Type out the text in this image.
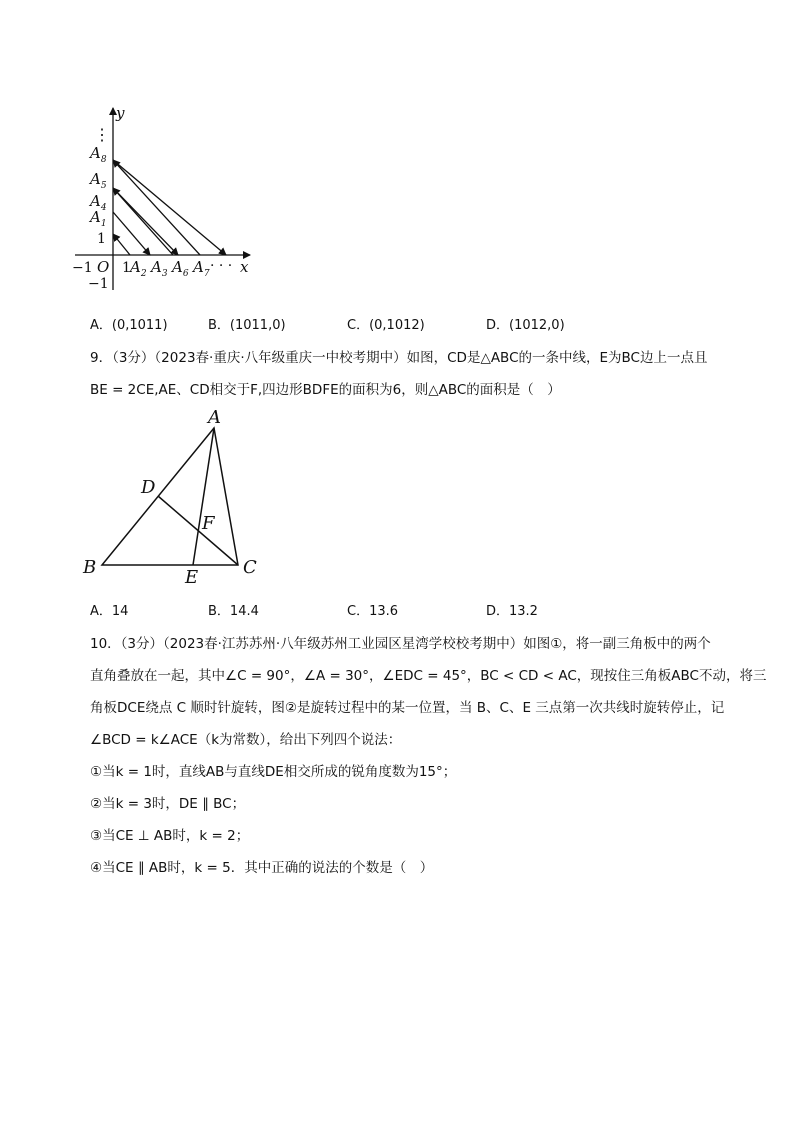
y
x
⋮
O
−1
−1
1
1
· · ·
$A_8$
$A_5$
$A_4$
$A_1$
$A_2$ $A_3$ $A_6$ $A_7$
A．(0,1011)	B．(1011,0)	C．(0,1012)	D．(1012,0)
9．（3分）（2023春·重庆·八年级重庆一中校考期中）如图，CD是△ABC的一条中线，E为BC边上一点且
BE = 2CE,AE、CD相交于F,四边形BDFE的面积为6，则△ABC的面积是（　）
A
B	C
D
E
F
A．14	B．14.4	C．13.6	D．13.2
10．（3分）（2023春·江苏苏州·八年级苏州工业园区星湾学校校考期中）如图①，将一副三角板中的两个
直角叠放在一起，其中∠C = 90°，∠A = 30°，∠EDC = 45°，BC < CD < AC，现按住三角板ABC不动，将三
角板DCE绕点 C 顺时针旋转，图②是旋转过程中的某一位置，当 B、C、E 三点第一次共线时旋转停止，记
∠BCD = k∠ACE（k为常数），给出下列四个说法：
①当k = 1时，直线AB与直线DE相交所成的锐角度数为15°；
②当k = 3时，DE ∥ BC；
③当CE ⊥ AB时，k = 2；
④当CE ∥ AB时，k = 5．其中正确的说法的个数是（　）
